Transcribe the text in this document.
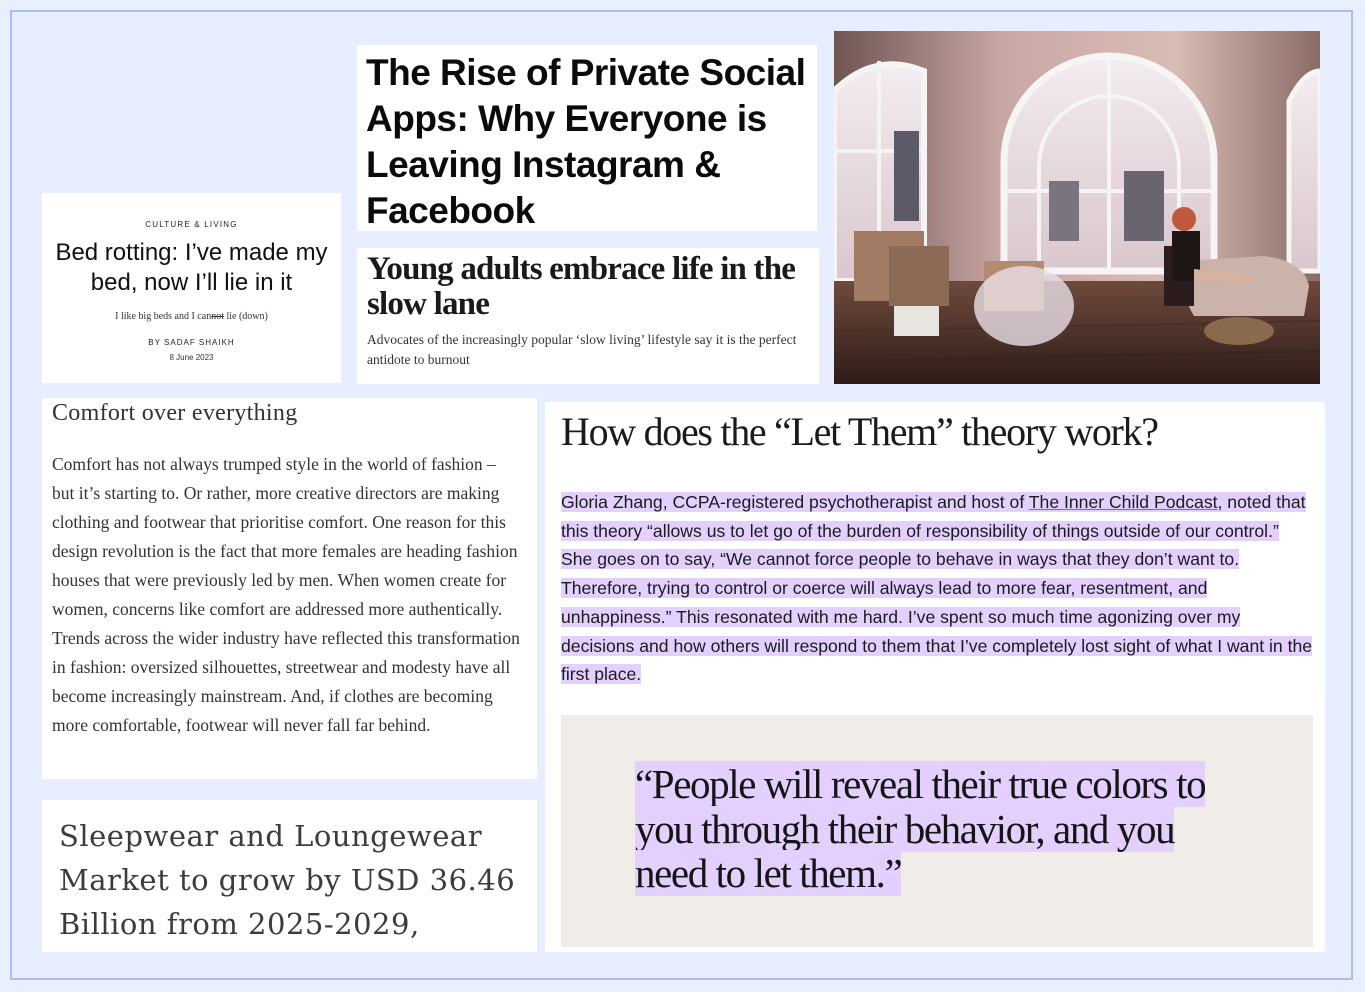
CULTURE & LIVING
Bed rotting: I’ve made my bed, now I’ll lie in it
I like big beds and I cannot lie (down)
BY SADAF SHAIKH
8 June 2023
The Rise of Private Social Apps: Why Everyone is Leaving Instagram & Facebook
Young adults embrace life in the slow lane
Advocates of the increasingly popular ‘slow living’ lifestyle say it is the perfect antidote to burnout
Comfort over everything
Comfort has not always trumped style in the world of fashion – but it’s starting to. Or rather, more creative directors are making clothing and footwear that prioritise comfort. One reason for this design revolution is the fact that more females are heading fashion houses that were previously led by men. When women create for women, concerns like comfort are addressed more authentically. Trends across the wider industry have reflected this transformation in fashion: oversized silhouettes, streetwear and modesty have all become increasingly mainstream. And, if clothes are becoming more comfortable, footwear will never fall far behind.
Sleepwear and Loungewear Market to grow by USD 36.46 Billion from 2025-2029,
How does the “Let Them” theory work?
Gloria Zhang, CCPA-registered psychotherapist and host of The Inner Child Podcast, noted that this theory “allows us to let go of the burden of responsibility of things outside of our control.” She goes on to say, “We cannot force people to behave in ways that they don’t want to. Therefore, trying to control or coerce will always lead to more fear, resentment, and unhappiness.” This resonated with me hard. I’ve spent so much time agonizing over my decisions and how others will respond to them that I’ve completely lost sight of what I want in the first place.
“People will reveal their true colors to you through their behavior, and you need to let them.”
